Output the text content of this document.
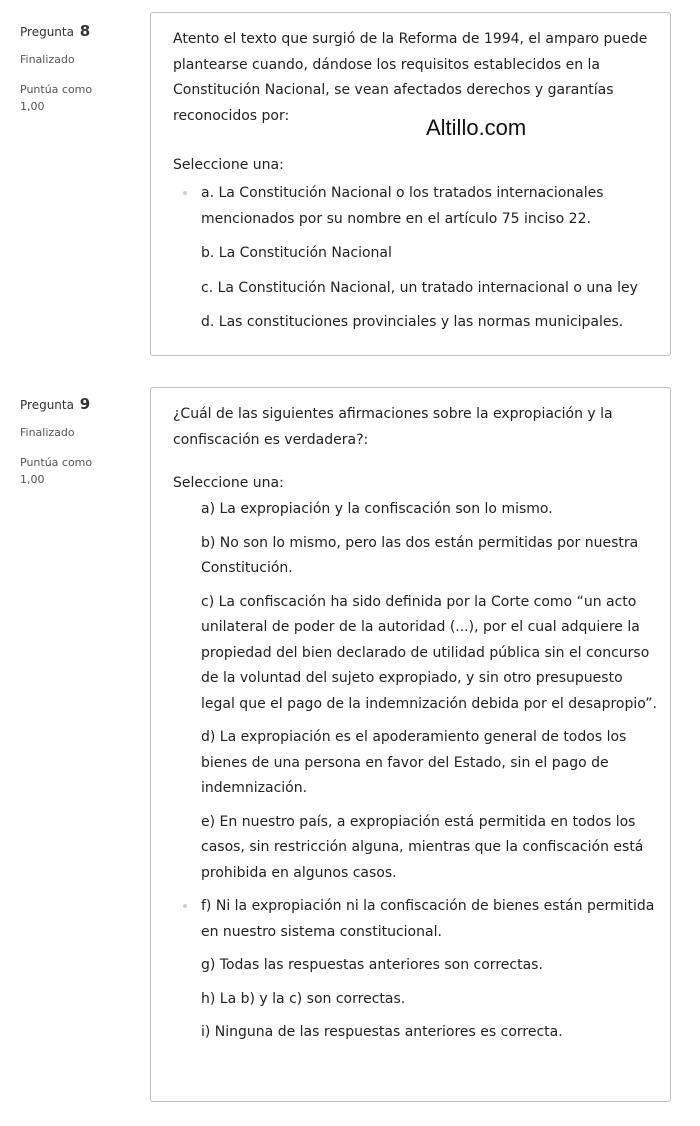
Pregunta 8
Finalizado
Puntúa como 1,00
Atento el texto que surgió de la Reforma de 1994, el amparo puede plantearse cuando, dándose los requisitos establecidos en la Constitución Nacional, se vean afectados derechos y garantías reconocidos por:
Seleccione una:
a. La Constitución Nacional o los tratados internacionales mencionados por su nombre en el artículo 75 inciso 22.
b. La Constitución Nacional
c. La Constitución Nacional, un tratado internacional o una ley
d. Las constituciones provinciales y las normas municipales.
Altillo.com
Pregunta 9
Finalizado
Puntúa como 1,00
¿Cuál de las siguientes afirmaciones sobre la expropiación y la confiscación es verdadera?:
Seleccione una:
a) La expropiación y la confiscación son lo mismo.
b) No son lo mismo, pero las dos están permitidas por nuestra Constitución.
c) La confiscación ha sido definida por la Corte como “un acto unilateral de poder de la autoridad (...), por el cual adquiere la propiedad del bien declarado de utilidad pública sin el concurso de la voluntad del sujeto expropiado, y sin otro presupuesto legal que el pago de la indemnización debida por el desapropio”.
d) La expropiación es el apoderamiento general de todos los bienes de una persona en favor del Estado, sin el pago de indemnización.
e) En nuestro país, a expropiación está permitida en todos los casos, sin restricción alguna, mientras que la confiscación está prohibida en algunos casos.
f) Ni la expropiación ni la confiscación de bienes están permitida en nuestro sistema constitucional.
g) Todas las respuestas anteriores son correctas.
h) La b) y la c) son correctas.
i) Ninguna de las respuestas anteriores es correcta.
